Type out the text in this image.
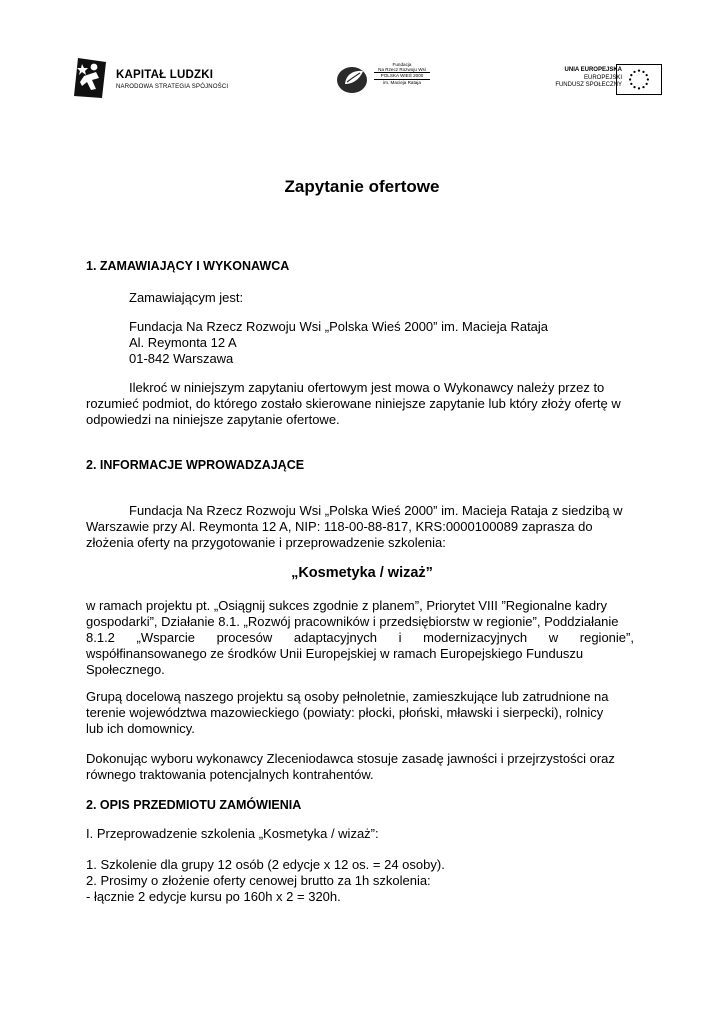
KAPITAŁ LUDZKI
NARODOWA STRATEGIA SPÓJNOŚCI
Fundacja
Na Rzecz Rozwoju Wsi
POLSKA WIEŚ 2000
im. Macieja Rataja
UNIA EUROPEJSKA
EUROPEJSKI
FUNDUSZ SPOŁECZNY
Zapytanie ofertowe
1. ZAMAWIAJĄCY I WYKONAWCA
Zamawiającym jest:
Fundacja Na Rzecz Rozwoju Wsi „Polska Wieś 2000” im. Macieja Rataja
Al. Reymonta 12 A
01-842 Warszawa
Ilekroć w niniejszym zapytaniu ofertowym jest mowa o Wykonawcy należy przez to
rozumieć podmiot, do którego zostało skierowane niniejsze zapytanie lub który złoży ofertę w
odpowiedzi na niniejsze zapytanie ofertowe.
2. INFORMACJE WPROWADZAJĄCE
Fundacja Na Rzecz Rozwoju Wsi „Polska Wieś 2000” im. Macieja Rataja z siedzibą w
Warszawie przy Al. Reymonta 12 A, NIP: 118-00-88-817, KRS:0000100089 zaprasza do
złożenia oferty na przygotowanie i przeprowadzenie szkolenia:
„Kosmetyka / wizaż”
w ramach projektu pt. „Osiągnij sukces zgodnie z planem”, Priorytet VIII ”Regionalne kadry
gospodarki”, Działanie 8.1. „Rozwój pracowników i przedsiębiorstw w regionie”, Poddziałanie
8.1.2 „Wsparcie procesów adaptacyjnych i modernizacyjnych w regionie”,
współfinansowanego ze środków Unii Europejskiej w ramach Europejskiego Funduszu
Społecznego.
Grupą docelową naszego projektu są osoby pełnoletnie, zamieszkujące lub zatrudnione na
terenie województwa mazowieckiego (powiaty: płocki, płoński, mławski i sierpecki), rolnicy
lub ich domownicy.
Dokonując wyboru wykonawcy Zleceniodawca stosuje zasadę jawności i przejrzystości oraz
równego traktowania potencjalnych kontrahentów.
2. OPIS PRZEDMIOTU ZAMÓWIENIA
I. Przeprowadzenie szkolenia „Kosmetyka / wizaż”:
1. Szkolenie dla grupy 12 osób (2 edycje x 12 os. = 24 osoby).
2. Prosimy o złożenie oferty cenowej brutto za 1h szkolenia:
- łącznie 2 edycje kursu po 160h x 2 = 320h.
